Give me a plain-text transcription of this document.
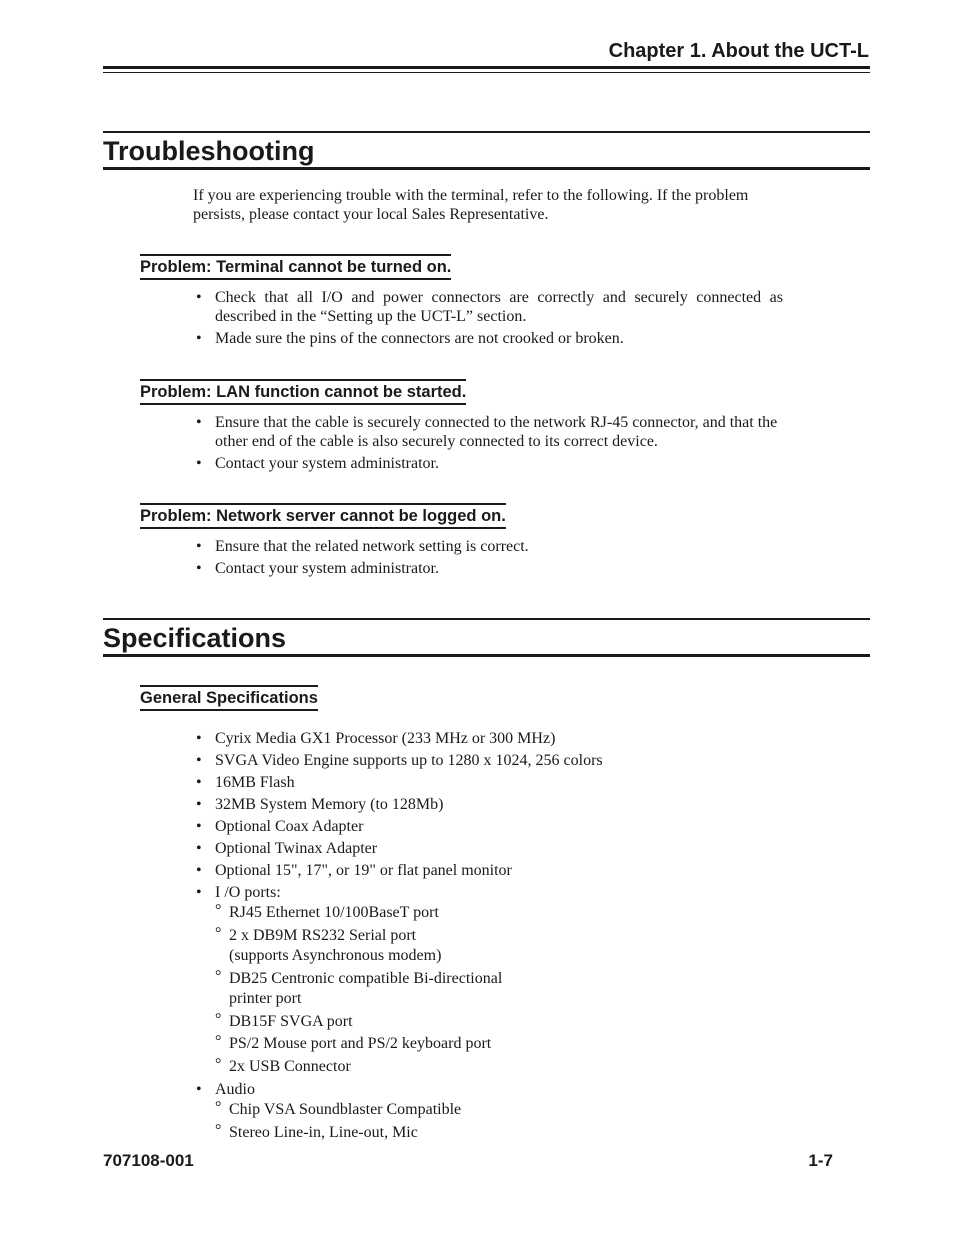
Chapter 1. About the UCT-L
Troubleshooting
If you are experiencing trouble with the terminal, refer to the following. If the problem persists, please contact your local Sales Representative.
Problem: Terminal cannot be turned on.
• Check that all I/O and power connectors are correctly and securely connected as described in the “Setting up the UCT-L” section.
• Made sure the pins of the connectors are not crooked or broken.
Problem: LAN function cannot be started.
• Ensure that the cable is securely connected to the network RJ-45 connector, and that the other end of the cable is also securely connected to its correct device.
• Contact your system administrator.
Problem: Network server cannot be logged on.
• Ensure that the related network setting is correct.
• Contact your system administrator.
Specifications
General Specifications
• Cyrix Media GX1 Processor (233 MHz or 300 MHz)
• SVGA Video Engine supports up to 1280 x 1024, 256 colors
• 16MB Flash
• 32MB System Memory (to 128Mb)
• Optional Coax Adapter
• Optional Twinax Adapter
• Optional 15", 17", or 19" or flat panel monitor
• I /O ports:
° RJ45 Ethernet 10/100BaseT port
° 2 x DB9M RS232 Serial port
(supports Asynchronous modem)
° DB25 Centronic compatible Bi-directional
printer port
° DB15F SVGA port
° PS/2 Mouse port and PS/2 keyboard port
° 2x USB Connector
• Audio
° Chip VSA Soundblaster Compatible
° Stereo Line-in, Line-out, Mic
707108-001	1-7
